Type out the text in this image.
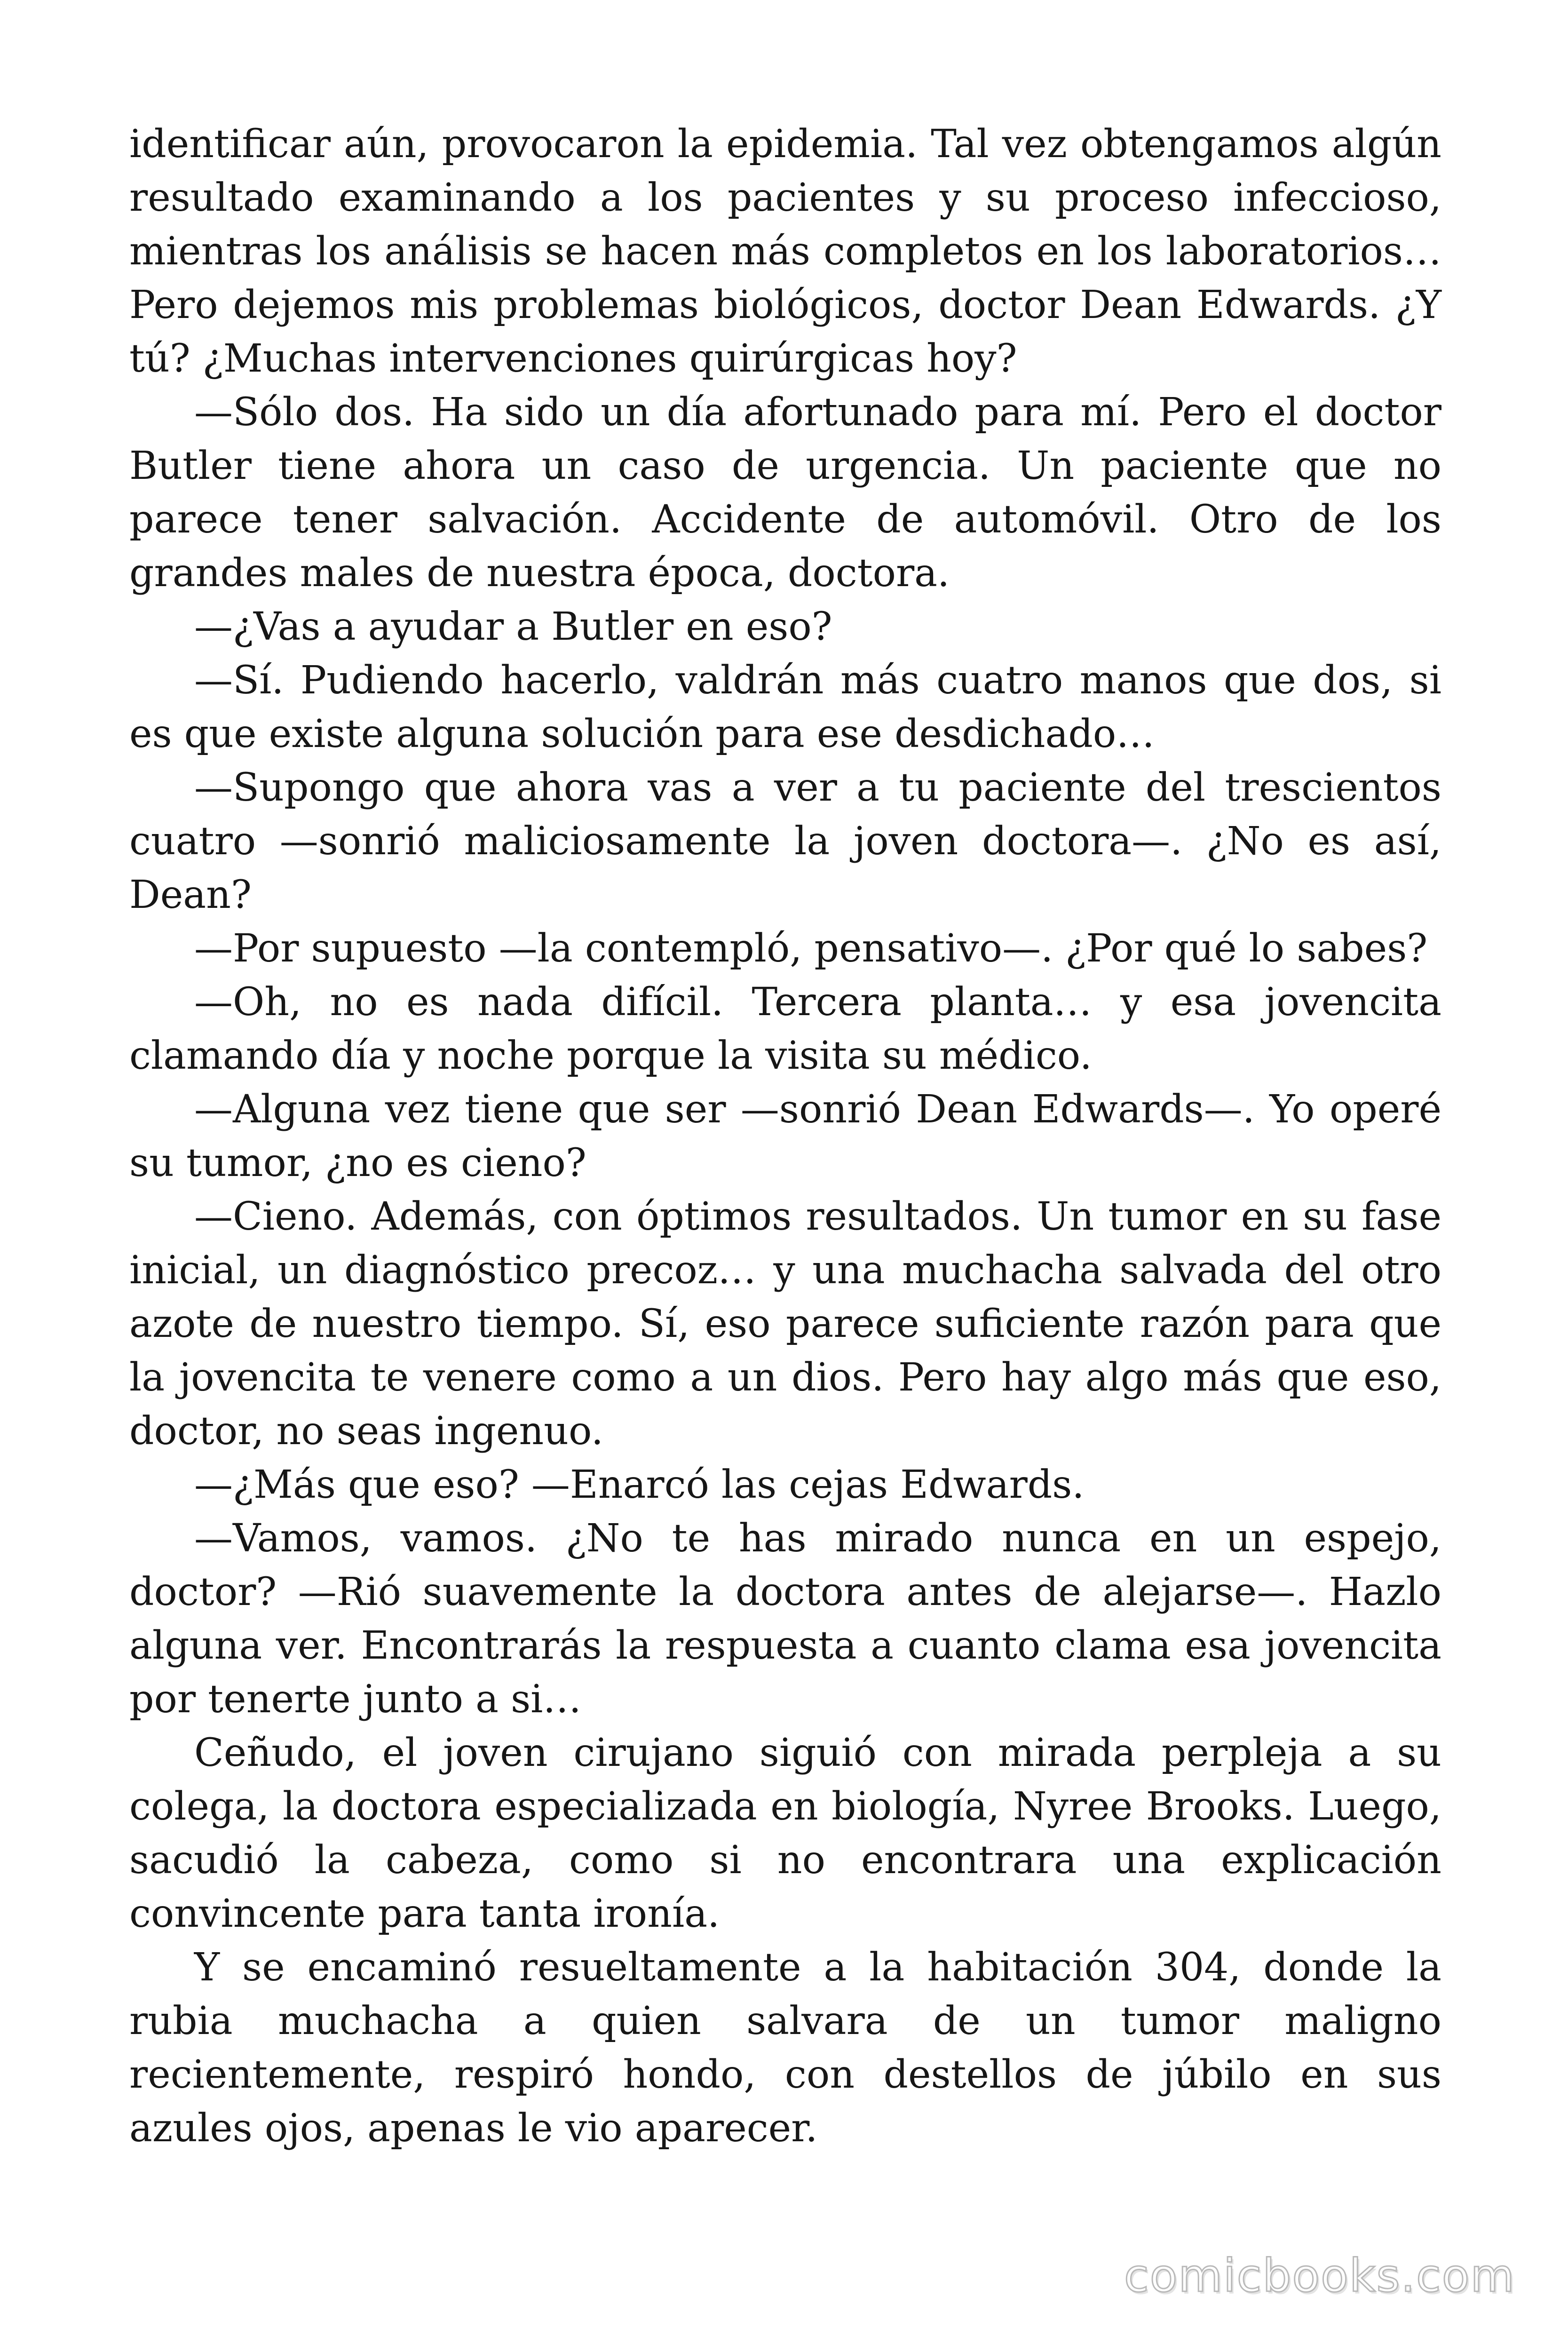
identificar aún, provocaron la epidemia. Tal vez obtengamos algún resultado examinando a los pacientes y su proceso infeccioso, mientras los análisis se hacen más completos en los laboratorios… Pero dejemos mis problemas biológicos, doctor Dean Edwards. ¿Y tú? ¿Muchas intervenciones quirúrgicas hoy?

—Sólo dos. Ha sido un día afortunado para mí. Pero el doctor Butler tiene ahora un caso de urgencia. Un paciente que no parece tener salvación. Accidente de automóvil. Otro de los grandes males de nuestra época, doctora.

—¿Vas a ayudar a Butler en eso?

—Sí. Pudiendo hacerlo, valdrán más cuatro manos que dos, si es que existe alguna solución para ese desdichado…

—Supongo que ahora vas a ver a tu paciente del trescientos cuatro —sonrió maliciosamente la joven doctora—. ¿No es así, Dean?

—Por supuesto —la contempló, pensativo—. ¿Por qué lo sabes?

—Oh, no es nada difícil. Tercera planta… y esa jovencita clamando día y noche porque la visita su médico.

—Alguna vez tiene que ser —sonrió Dean Edwards—. Yo operé su tumor, ¿no es cieno?

—Cieno. Además, con óptimos resultados. Un tumor en su fase inicial, un diagnóstico precoz… y una muchacha salvada del otro azote de nuestro tiempo. Sí, eso parece suficiente razón para que la jovencita te venere como a un dios. Pero hay algo más que eso, doctor, no seas ingenuo.

—¿Más que eso? —Enarcó las cejas Edwards.

—Vamos, vamos. ¿No te has mirado nunca en un espejo, doctor? —Rió suavemente la doctora antes de alejarse—. Hazlo alguna ver. Encontrarás la respuesta a cuanto clama esa jovencita por tenerte junto a si…

Ceñudo, el joven cirujano siguió con mirada perpleja a su colega, la doctora especializada en biología, Nyree Brooks. Luego, sacudió la cabeza, como si no encontrara una explicación convincente para tanta ironía.

Y se encaminó resueltamente a la habitación 304, donde la rubia muchacha a quien salvara de un tumor maligno recientemente, respiró hondo, con destellos de júbilo en sus azules ojos, apenas le vio aparecer.

comicbooks.com
